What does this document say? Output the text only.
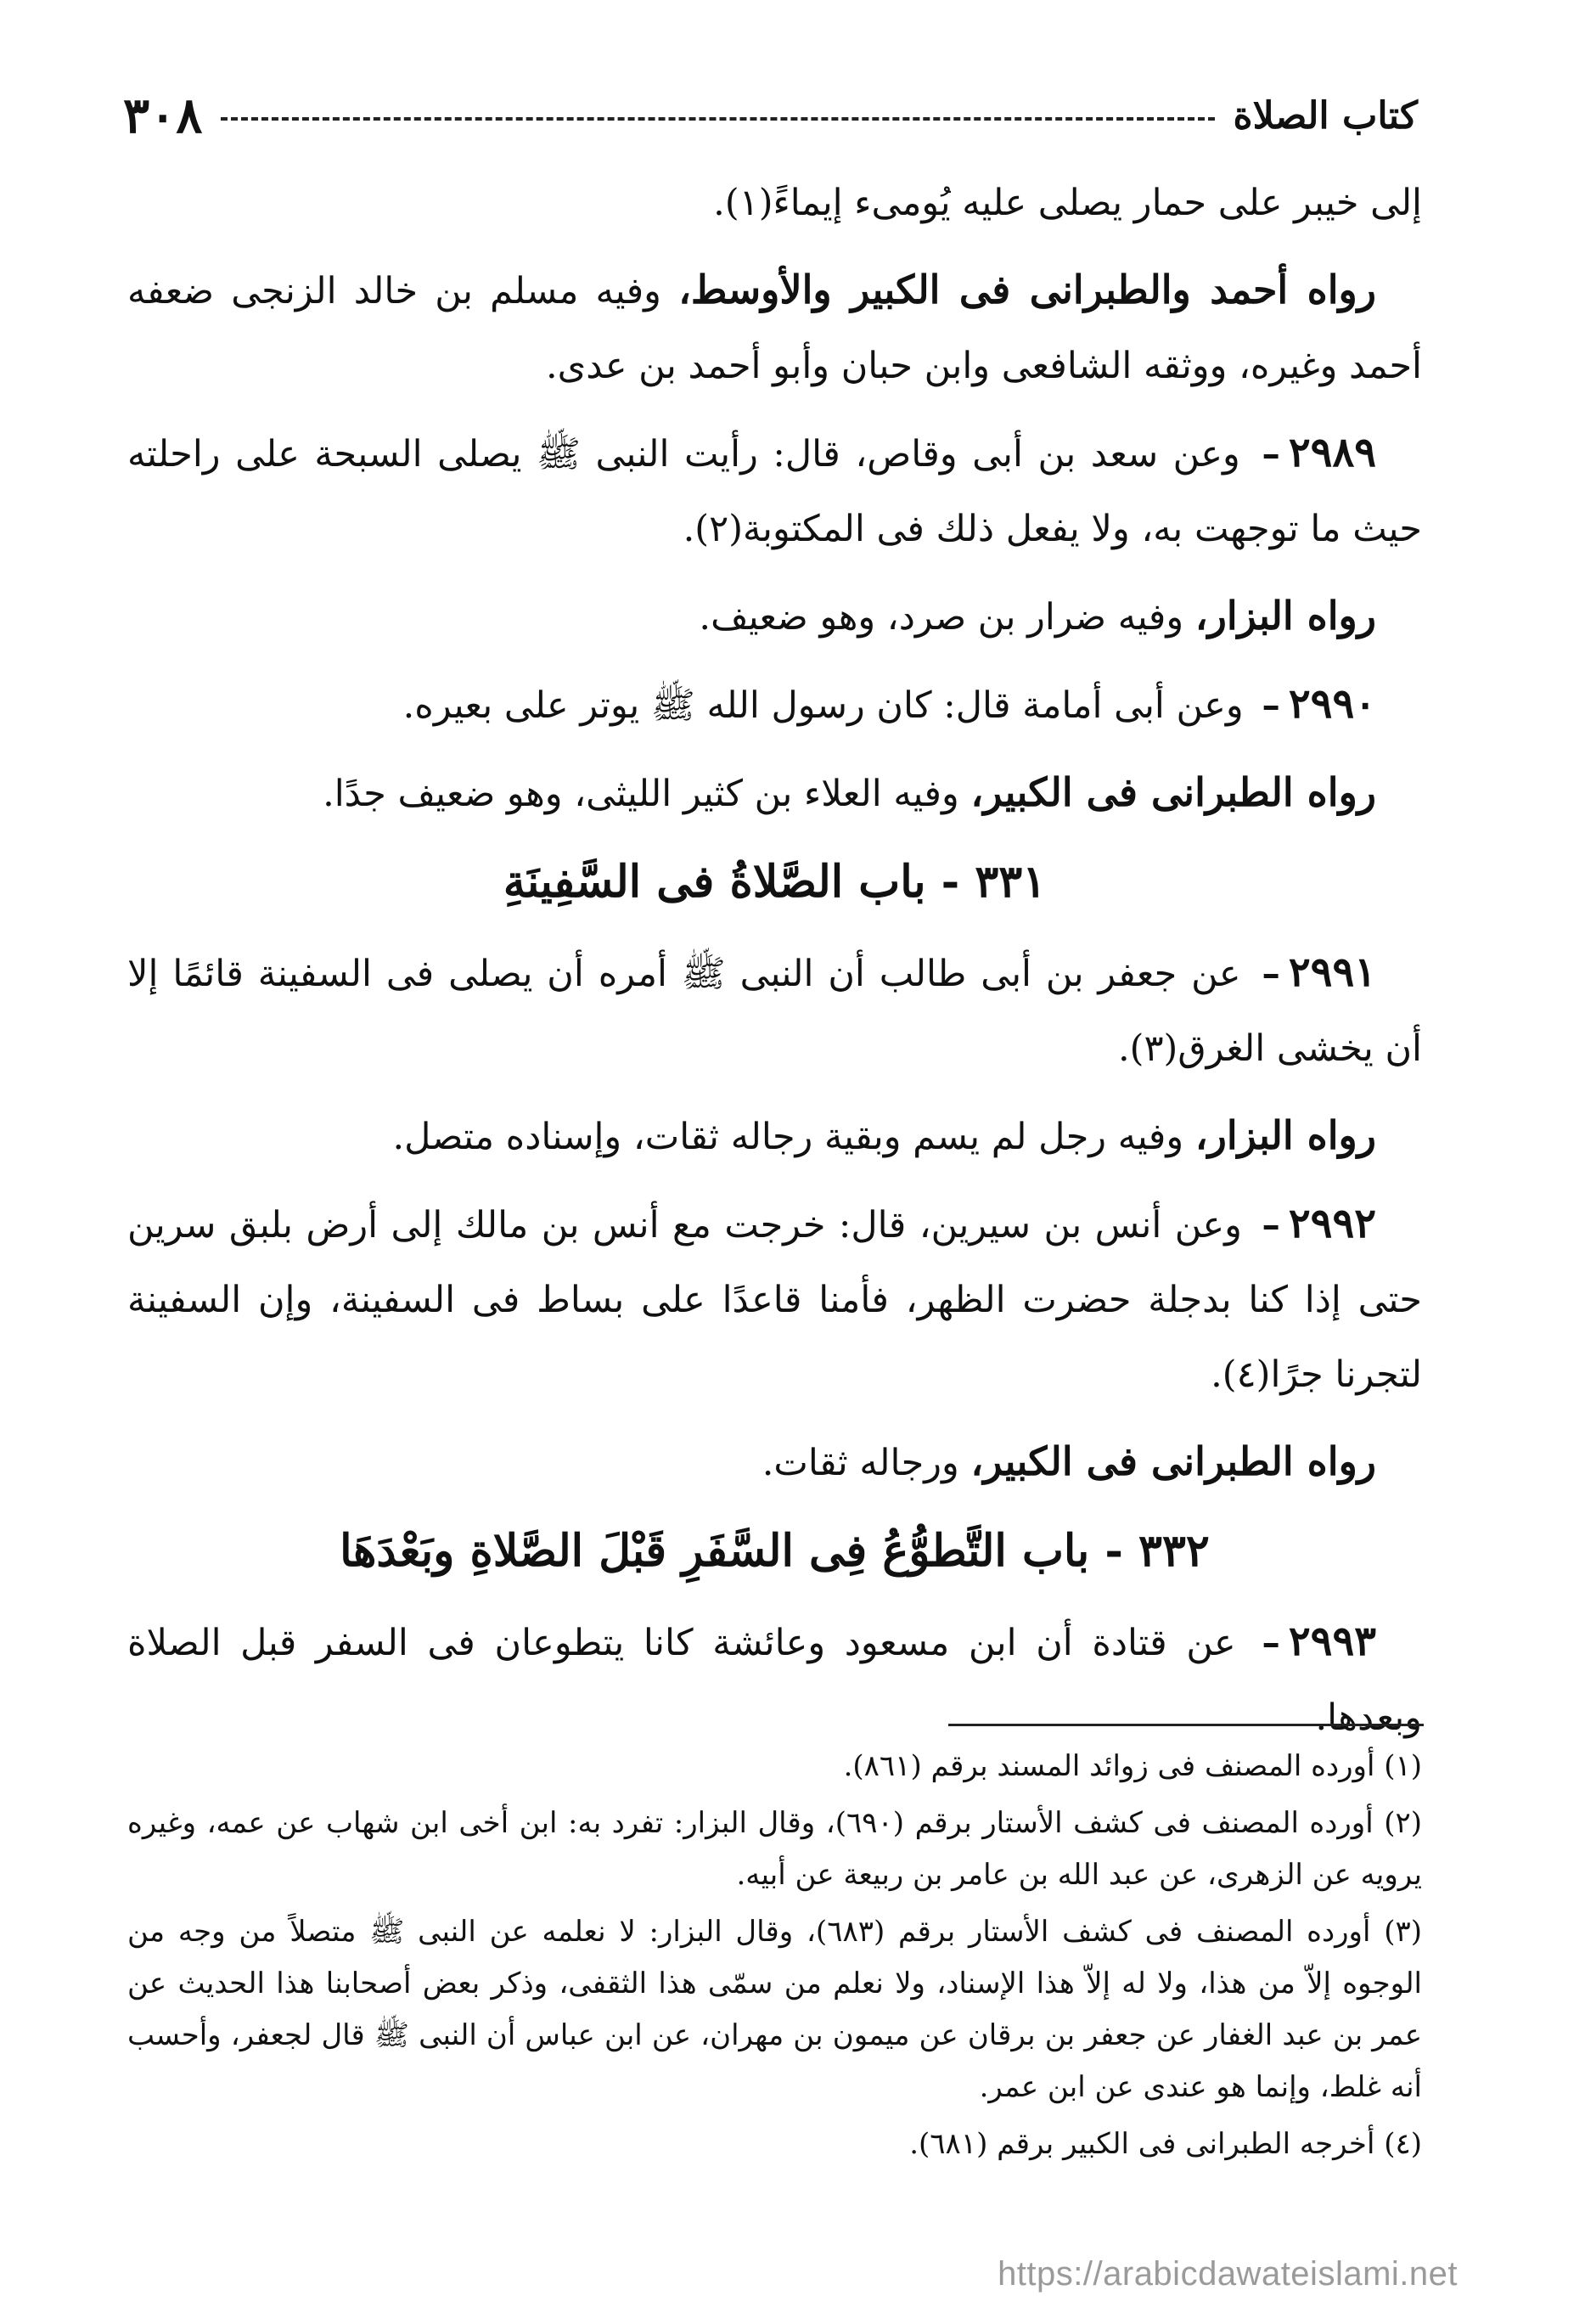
كتاب الصلاة
٣٠٨

إلى خيبر على حمار يصلى عليه يُومىء إيماءً(١).

رواه أحمد والطبرانى فى الكبير والأوسط، وفيه مسلم بن خالد الزنجى ضعفه أحمد وغيره، ووثقه الشافعى وابن حبان وأبو أحمد بن عدى.

٢٩٨٩– وعن سعد بن أبى وقاص، قال: رأيت النبى ﷺ يصلى السبحة على راحلته حيث ما توجهت به، ولا يفعل ذلك فى المكتوبة(٢).

رواه البزار، وفيه ضرار بن صرد، وهو ضعيف.

٢٩٩٠– وعن أبى أمامة قال: كان رسول الله ﷺ يوتر على بعيره.

رواه الطبرانى فى الكبير، وفيه العلاء بن كثير الليثى، وهو ضعيف جدًا.

٣٣١ - باب الصَّلاةُ فى السَّفِينَةِ

٢٩٩١– عن جعفر بن أبى طالب أن النبى ﷺ أمره أن يصلى فى السفينة قائمًا إلا أن يخشى الغرق(٣).

رواه البزار، وفيه رجل لم يسم وبقية رجاله ثقات، وإسناده متصل.

٢٩٩٢– وعن أنس بن سيرين، قال: خرجت مع أنس بن مالك إلى أرض بلبق سرين حتى إذا كنا بدجلة حضرت الظهر، فأمنا قاعدًا على بساط فى السفينة، وإن السفينة لتجرنا جرًا(٤).

رواه الطبرانى فى الكبير، ورجاله ثقات.

٣٣٢ - باب التَّطوُّعُ فِى السَّفَرِ قَبْلَ الصَّلاةِ وبَعْدَهَا

٢٩٩٣– عن قتادة أن ابن مسعود وعائشة كانا يتطوعان فى السفر قبل الصلاة وبعدها.

(١) أورده المصنف فى زوائد المسند برقم (٨٦١).

(٢) أورده المصنف فى كشف الأستار برقم (٦٩٠)، وقال البزار: تفرد به: ابن أخى ابن شهاب عن عمه، وغيره يرويه عن الزهرى، عن عبد الله بن عامر بن ربيعة عن أبيه.

(٣) أورده المصنف فى كشف الأستار برقم (٦٨٣)، وقال البزار: لا نعلمه عن النبى ﷺ متصلاً من وجه من الوجوه إلاّ من هذا، ولا له إلاّ هذا الإسناد، ولا نعلم من سمّى هذا الثقفى، وذكر بعض أصحابنا هذا الحديث عن عمر بن عبد الغفار عن جعفر بن برقان عن ميمون بن مهران، عن ابن عباس أن النبى ﷺ قال لجعفر، وأحسب أنه غلط، وإنما هو عندى عن ابن عمر.

(٤) أخرجه الطبرانى فى الكبير برقم (٦٨١).

https://arabicdawateislami.net
